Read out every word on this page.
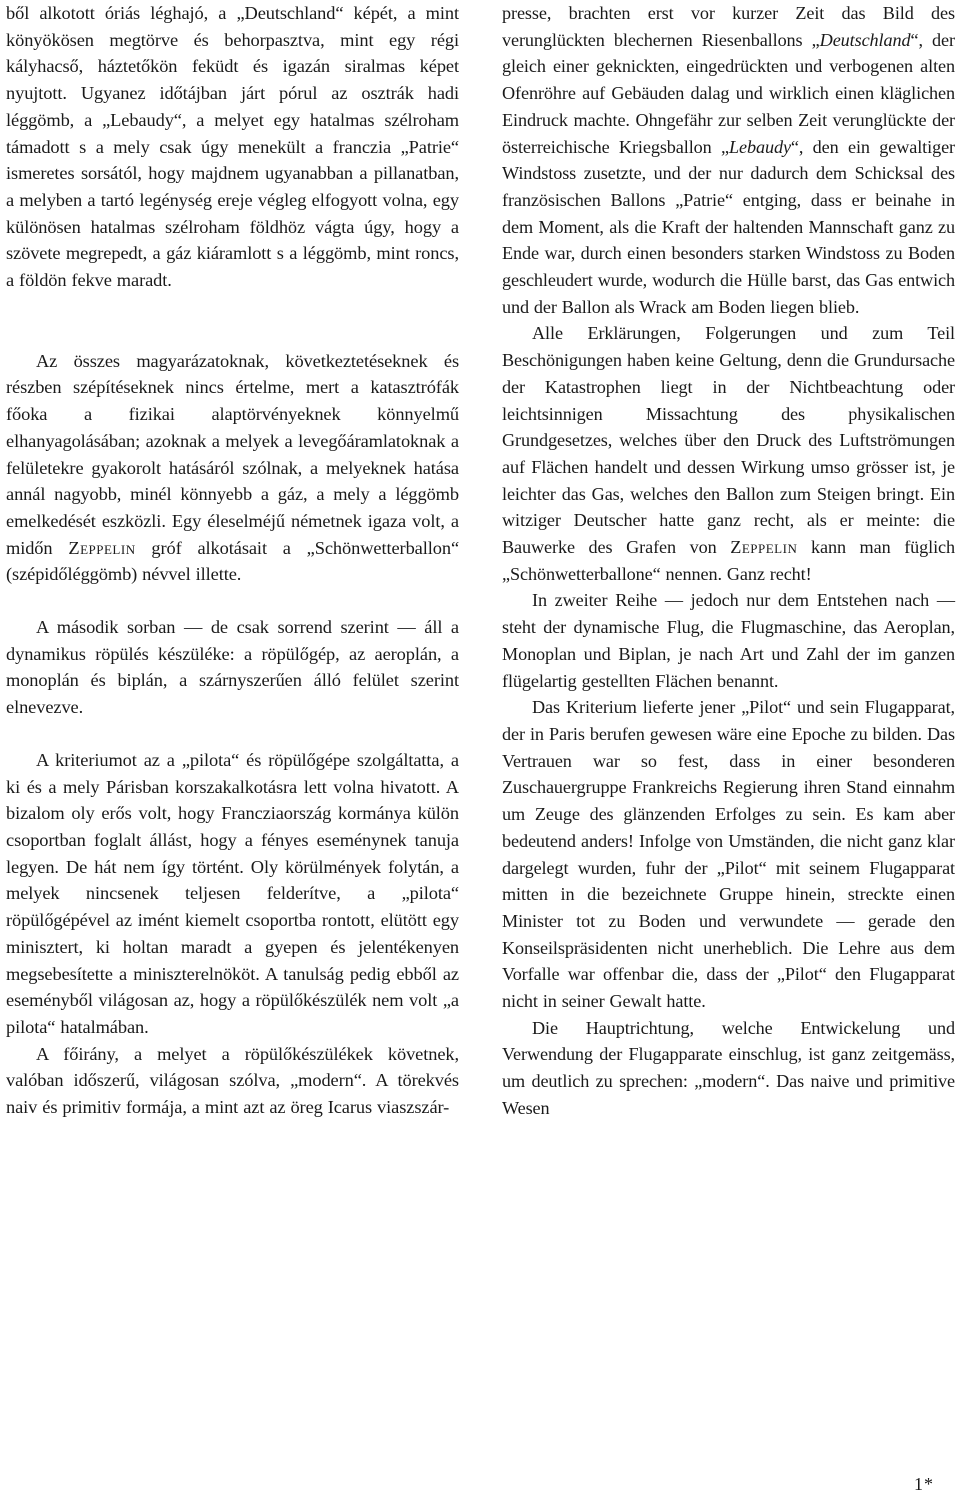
ből alkotott óriás léghajó, a „Deutschland“ képét, a mint könyökösen megtörve és behorpasztva, mint egy régi kályhacső, háztetőkön feküdt és igazán siralmas képet nyujtott. Ugyanez időtájban járt pórul az osztrák hadi léggömb, a „Lebaudy“, a melyet egy hatalmas szélroham támadott s a mely csak úgy menekült a franczia „Patrie“ ismeretes sorsától, hogy majdnem ugyanabban a pillanatban, a melyben a tartó legénység ereje végleg elfogyott volna, egy különösen hatalmas szélroham földhöz vágta úgy, hogy a szövete megrepedt, a gáz kiáramlott s a léggömb, mint roncs, a földön fekve maradt.

Az összes magyarázatoknak, következtetéseknek és részben szépítéseknek nincs értelme, mert a katasztrófák főoka a fizikai alaptörvényeknek könnyelmű elhanyagolásában; azoknak a melyek a levegőáramlatoknak a felületekre gyakorolt hatásáról szólnak, a melyeknek hatása annál nagyobb, minél könnyebb a gáz, a mely a léggömb emelkedését eszközli. Egy éleselméjű németnek igaza volt, a midőn Zeppelin gróf alkotásait a „Schönwetterballon“ (szépidőléggömb) névvel illette.

A második sorban — de csak sorrend szerint — áll a dynamikus röpülés készüléke: a röpülőgép, az aeroplán, a monoplán és biplán, a szárnyszerűen álló felület szerint elnevezve.

A kriteriumot az a „pilota“ és röpülőgépe szolgáltatta, a ki és a mely Párisban korszakalkotásra lett volna hivatott. A bizalom oly erős volt, hogy Francziaország kormánya külön csoportban foglalt állást, hogy a fényes eseménynek tanuja legyen. De hát nem így történt. Oly körülmények folytán, a melyek nincsenek teljesen felderítve, a „pilota“ röpülőgépével az imént kiemelt csoportba rontott, elütött egy minisztert, ki holtan maradt a gyepen és jelentékenyen megsebesítette a miniszterelnököt. A tanulság pedig ebből az eseményből világosan az, hogy a röpülőkészülék nem volt „a pilota“ hatalmában.

A főirány, a melyet a röpülőkészülékek követnek, valóban időszerű, világosan szólva, „modern“. A törekvés naiv és primitiv formája, a mint azt az öreg Icarus viaszszár-

presse, brachten erst vor kurzer Zeit das Bild des verunglückten blechernen Riesenballons „Deutschland“, der gleich einer geknickten, eingedrückten und verbogenen alten Ofenröhre auf Gebäuden dalag und wirklich einen kläglichen Eindruck machte. Ohngefähr zur selben Zeit verunglückte der österreichische Kriegsballon „Lebaudy“, den ein gewaltiger Windstoss zusetzte, und der nur dadurch dem Schicksal des französischen Ballons „Patrie“ entging, dass er beinahe in dem Moment, als die Kraft der haltenden Mannschaft ganz zu Ende war, durch einen besonders starken Windstoss zu Boden geschleudert wurde, wodurch die Hülle barst, das Gas entwich und der Ballon als Wrack am Boden liegen blieb.

Alle Erklärungen, Folgerungen und zum Teil Beschönigungen haben keine Geltung, denn die Grundursache der Katastrophen liegt in der Nichtbeachtung oder leichtsinnigen Missachtung des physikalischen Grundgesetzes, welches über den Druck des Luftströmungen auf Flächen handelt und dessen Wirkung umso grösser ist, je leichter das Gas, welches den Ballon zum Steigen bringt. Ein witziger Deutscher hatte ganz recht, als er meinte: die Bauwerke des Grafen von Zeppelin kann man füglich „Schönwetterballone“ nennen. Ganz recht!

In zweiter Reihe — jedoch nur dem Entstehen nach — steht der dynamische Flug, die Flugmaschine, das Aeroplan, Monoplan und Biplan, je nach Art und Zahl der im ganzen flügelartig gestellten Flächen benannt.

Das Kriterium lieferte jener „Pilot“ und sein Flugapparat, der in Paris berufen gewesen wäre eine Epoche zu bilden. Das Vertrauen war so fest, dass in einer besonderen Zuschauergruppe Frankreichs Regierung ihren Stand einnahm um Zeuge des glänzenden Erfolges zu sein. Es kam aber bedeutend anders! Infolge von Umständen, die nicht ganz klar dargelegt wurden, fuhr der „Pilot“ mit seinem Flugapparat mitten in die bezeichnete Gruppe hinein, streckte einen Minister tot zu Boden und verwundete — gerade den Konseilspräsidenten nicht unerheblich. Die Lehre aus dem Vorfalle war offenbar die, dass der „Pilot“ den Flugapparat nicht in seiner Gewalt hatte.

Die Hauptrichtung, welche Entwickelung und Verwendung der Flugapparate einschlug, ist ganz zeitgemäss, um deutlich zu sprechen: „modern“. Das naive und primitive Wesen

1*
